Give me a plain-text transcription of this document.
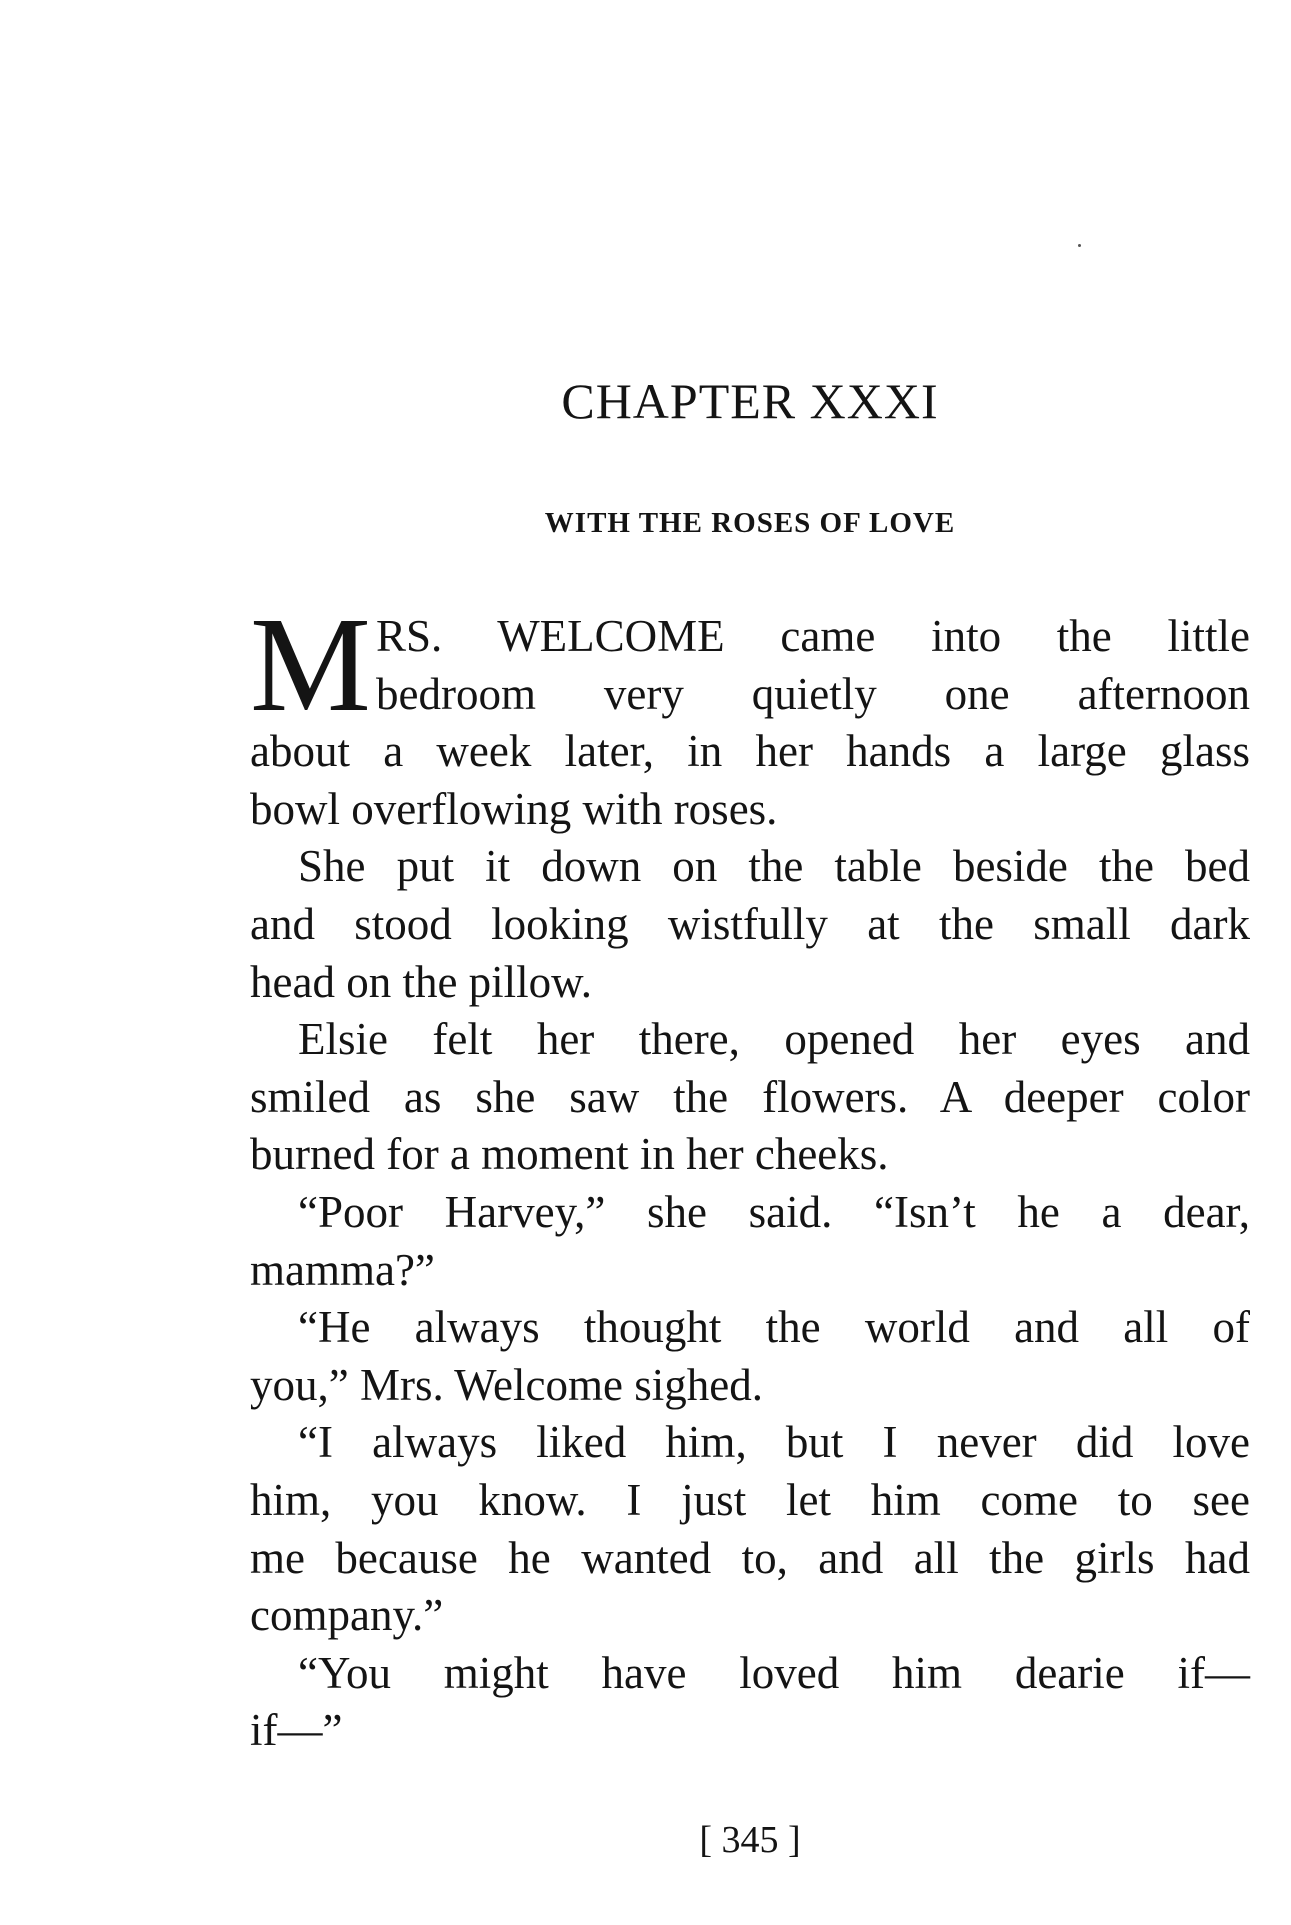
CHAPTER XXXI
WITH THE ROSES OF LOVE
M RS. WELCOME came into the little
bedroom very quietly one afternoon
about a week later, in her hands a large glass
bowl overflowing with roses.
She put it down on the table beside the bed
and stood looking wistfully at the small dark
head on the pillow.
Elsie felt her there, opened her eyes and
smiled as she saw the flowers. A deeper color
burned for a moment in her cheeks.
“Poor Harvey,” she said. “Isn’t he a dear,
mamma?”
“He always thought the world and all of
you,” Mrs. Welcome sighed.
“I always liked him, but I never did love
him, you know. I just let him come to see
me because he wanted to, and all the girls had
company.”
“You might have loved him dearie if—
if—”
[ 345 ]
